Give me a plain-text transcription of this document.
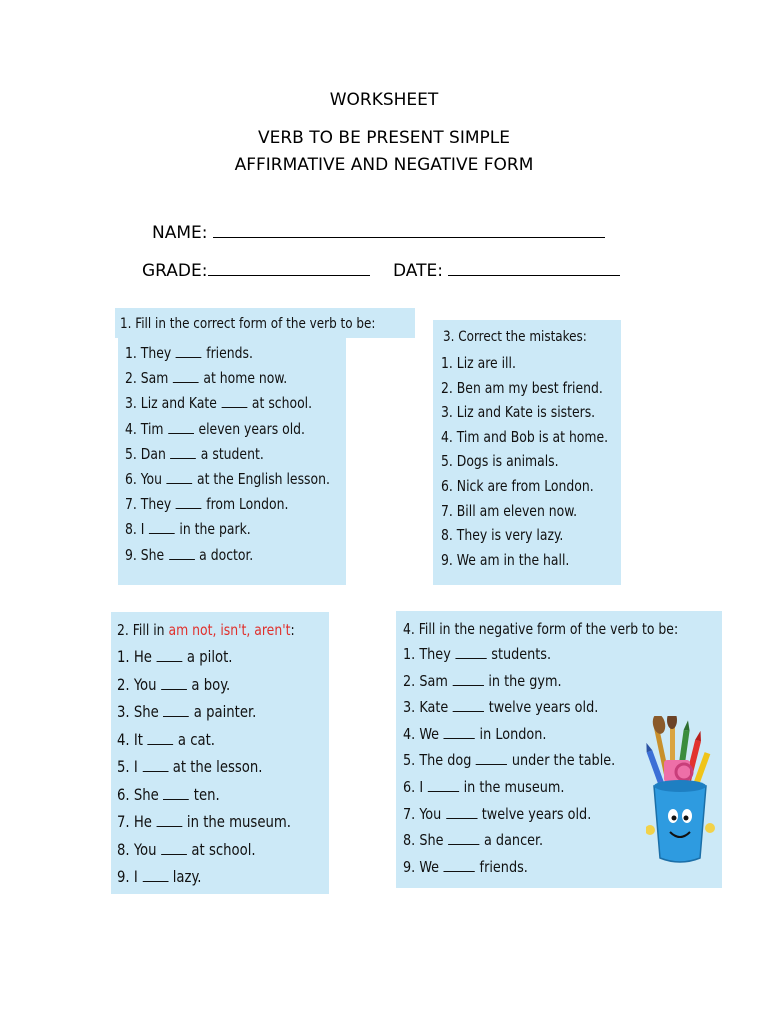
WORKSHEET
VERB TO BE PRESENT SIMPLE
AFFIRMATIVE AND NEGATIVE FORM
NAME:
GRADE:	DATE:
1. Fill in the correct form of the verb to be:
1. They friends.
2. Sam at home now.
3. Liz and Kate at school.
4. Tim eleven years old.
5. Dan a student.
6. You at the English lesson.
7. They from London.
8. I in the park.
9. She a doctor.
3. Correct the mistakes:
1. Liz are ill.
2. Ben am my best friend.
3. Liz and Kate is sisters.
4. Tim and Bob is at home.
5. Dogs is animals.
6. Nick are from London.
7. Bill am eleven now.
8. They is very lazy.
9. We am in the hall.
2. Fill in am not, isn't, aren't:
1. He a pilot.
2. You a boy.
3. She a painter.
4. It a cat.
5. I at the lesson.
6. She ten.
7. He in the museum.
8. You at school.
9. I lazy.
4. Fill in the negative form of the verb to be:
1. They	students.
2. Sam	in the gym.
3. Kate	twelve years old.
4. We	in London.
5. The dog	under the table.
6. I	in the museum.
7. You	twelve years old.
8. She	a dancer.
9. We	friends.
